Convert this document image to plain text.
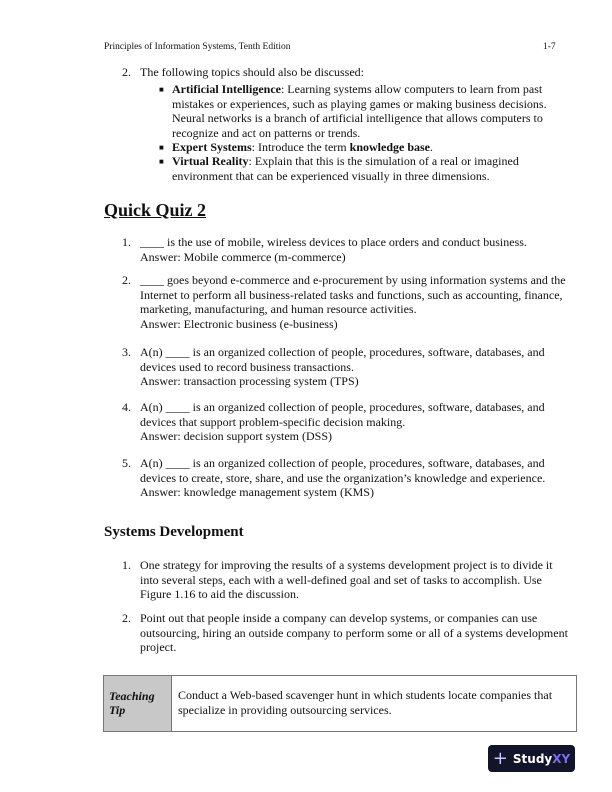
Principles of Information Systems, Tenth Edition	1-7
2. The following topics should also be discussed:
■ Artificial Intelligence: Learning systems allow computers to learn from past mistakes or experiences, such as playing games or making business decisions. Neural networks is a branch of artificial intelligence that allows computers to recognize and act on patterns or trends.
■ Expert Systems: Introduce the term knowledge base.
■ Virtual Reality: Explain that this is the simulation of a real or imagined environment that can be experienced visually in three dimensions.
Quick Quiz 2
1. ____ is the use of mobile, wireless devices to place orders and conduct business.
Answer: Mobile commerce (m-commerce)
2. ____ goes beyond e-commerce and e-procurement by using information systems and the Internet to perform all business-related tasks and functions, such as accounting, finance, marketing, manufacturing, and human resource activities.
Answer: Electronic business (e-business)
3. A(n) ____ is an organized collection of people, procedures, software, databases, and devices used to record business transactions.
Answer: transaction processing system (TPS)
4. A(n) ____ is an organized collection of people, procedures, software, databases, and devices that support problem-specific decision making.
Answer: decision support system (DSS)
5. A(n) ____ is an organized collection of people, procedures, software, databases, and devices to create, store, share, and use the organization’s knowledge and experience.
Answer: knowledge management system (KMS)
Systems Development
1. One strategy for improving the results of a systems development project is to divide it into several steps, each with a well-defined goal and set of tasks to accomplish. Use Figure 1.16 to aid the discussion.
2. Point out that people inside a company can develop systems, or companies can use outsourcing, hiring an outside company to perform some or all of a systems development project.
Teaching Tip
Conduct a Web-based scavenger hunt in which students locate companies that specialize in providing outsourcing services.
+ StudyXY
